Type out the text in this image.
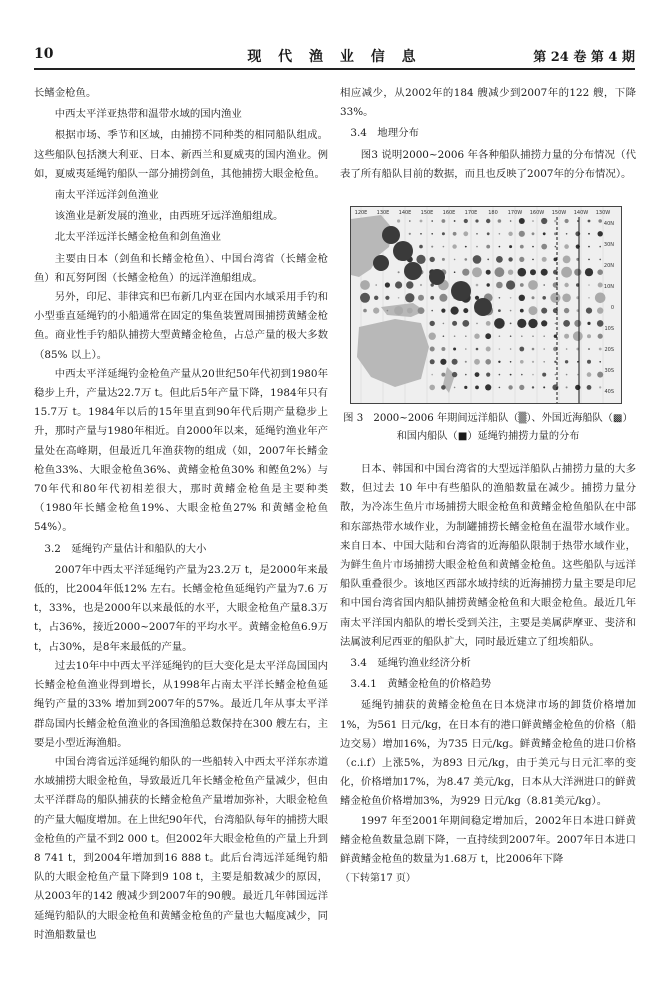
10	现 代 渔 业 信 息	第 24 卷 第 4 期

长鳍金枪鱼。

中西太平洋亚热带和温带水域的国内渔业

根据市场、季节和区域，由捕捞不同种类的相同船队组成。这些船队包括澳大利亚、日本、新西兰和夏威夷的国内渔业。例如，夏威夷延绳钓船队一部分捕捞剑鱼，其他捕捞大眼金枪鱼。

南太平洋远洋剑鱼渔业

该渔业是新发展的渔业，由西班牙远洋渔船组成。

北太平洋远洋长鳍金枪鱼和剑鱼渔业

主要由日本（剑鱼和长鳍金枪鱼）、中国台湾省（长鳍金枪鱼）和瓦努阿图（长鳍金枪鱼）的远洋渔船组成。

另外，印尼、菲律宾和巴布新几内亚在国内水域采用手钓和小型垂直延绳钓的小船通常在固定的集鱼装置周围捕捞黄鳍金枪鱼。商业性手钓船队捕捞大型黄鳍金枪鱼，占总产量的极大多数（85% 以上）。

中西太平洋延绳钓金枪鱼产量从20世纪50年代初到1980年稳步上升，产量达22.7万 t。但此后5年产量下降，1984年只有15.7万 t。1984年以后的15年里直到90年代后期产量稳步上升，那时产量与1980年相近。自2000年以来，延绳钓渔业年产量处在高峰期，但最近几年渔获物的组成（如，2007年长鳍金枪鱼33%、大眼金枪鱼36%、黄鳍金枪鱼30% 和鲣鱼2%）与70年代和80年代初相差很大，那时黄鳍金枪鱼是主要种类（1980年长鳍金枪鱼19%、大眼金枪鱼27% 和黄鳍金枪鱼54%）。

3.2　延绳钓产量估计和船队的大小

2007年中西太平洋延绳钓产量为23.2万 t，是2000年来最低的，比2004年低12% 左右。长鳍金枪鱼延绳钓产量为7.6 万 t，33%，也是2000年以来最低的水平，大眼金枪鱼产量8.3万 t，占36%，接近2000~2007年的平均水平。黄鳍金枪鱼6.9万 t，占30%，是8年来最低的产量。

过去10年中中西太平洋延绳钓的巨大变化是太平洋岛国国内长鳍金枪鱼渔业得到增长，从1998年占南太平洋长鳍金枪鱼延绳钓产量的33% 增加到2007年的57%。最近几年从事太平洋群岛国内长鳍金枪鱼渔业的各国渔船总数保持在300 艘左右，主要是小型近海渔船。

中国台湾省远洋延绳钓船队的一些船转入中西太平洋东赤道水域捕捞大眼金枪鱼，导致最近几年长鳍金枪鱼产量减少，但由太平洋群岛的船队捕获的长鳍金枪鱼产量增加弥补，大眼金枪鱼的产量大幅度增加。在上世纪90年代，台湾船队每年的捕捞大眼金枪鱼的产量不到2 000 t。但2002年大眼金枪鱼的产量上升到8 741 t，到2004年增加到16 888 t。此后台湾远洋延绳钓船队的大眼金枪鱼产量下降到9 108 t，主要是船数减少的原因，从2003年的142 艘减少到2007年的90艘。最近几年韩国远洋延绳钓船队的大眼金枪鱼和黄鳍金枪鱼的产量也大幅度减少，同时渔船数量也

相应减少，从2002年的184 艘减少到2007年的122 艘，下降33%。

3.4　地理分布

图3 说明2000~2006 年各种船队捕捞力量的分布情况（代表了所有船队目前的数据，而且也反映了2007年的分布情况）。

120E 130E 140E 150E 160E 170E 180 170W 160W 150W 140W 130W
40N
30N
20N
10N
0
10S
20S
30S
40S
图 3　2000~2006 年期间远洋船队（▒）、外国近海船队（▩）
和国内船队（■）延绳钓捕捞力量的分布

日本、韩国和中国台湾省的大型远洋船队占捕捞力量的大多数，但过去 10 年中有些船队的渔船数量在减少。捕捞力量分散，为冷冻生鱼片市场捕捞大眼金枪鱼和黄鳍金枪鱼船队在中部和东部热带水域作业，为制罐捕捞长鳍金枪鱼在温带水域作业。来自日本、中国大陆和台湾省的近海船队限制于热带水域作业，为鲜生鱼片市场捕捞大眼金枪鱼和黄鳍金枪鱼。这些船队与远洋船队重叠很少。该地区西部水域持续的近海捕捞力量主要是印尼和中国台湾省国内船队捕捞黄鳍金枪鱼和大眼金枪鱼。最近几年南太平洋国内船队的增长受到关注，主要是美属萨摩亚、斐济和法属波利尼西亚的船队扩大，同时最近建立了纽埃船队。

3.4　延绳钓渔业经济分析

3.4.1　黄鳍金枪鱼的价格趋势

延绳钓捕获的黄鳍金枪鱼在日本烧津市场的卸货价格增加1%，为561 日元/kg，在日本有的港口鲜黄鳍金枪鱼的价格（船边交易）增加16%，为735 日元/kg。鲜黄鳍金枪鱼的进口价格（c.i.f）上涨5%，为893 日元/kg，由于美元与日元汇率的变化，价格增加17%，为8.47 美元/kg，日本从大洋洲进口的鲜黄鳍金枪鱼价格增加3%，为929 日元/kg（8.81美元/kg）。

1997 年至2001年期间稳定增加后，2002年日本进口鲜黄鳍金枪鱼数量急剧下降，一直持续到2007年。2007年日本进口鲜黄鳍金枪鱼的数量为1.68万 t，比2006年下降

（下转第17 页）
